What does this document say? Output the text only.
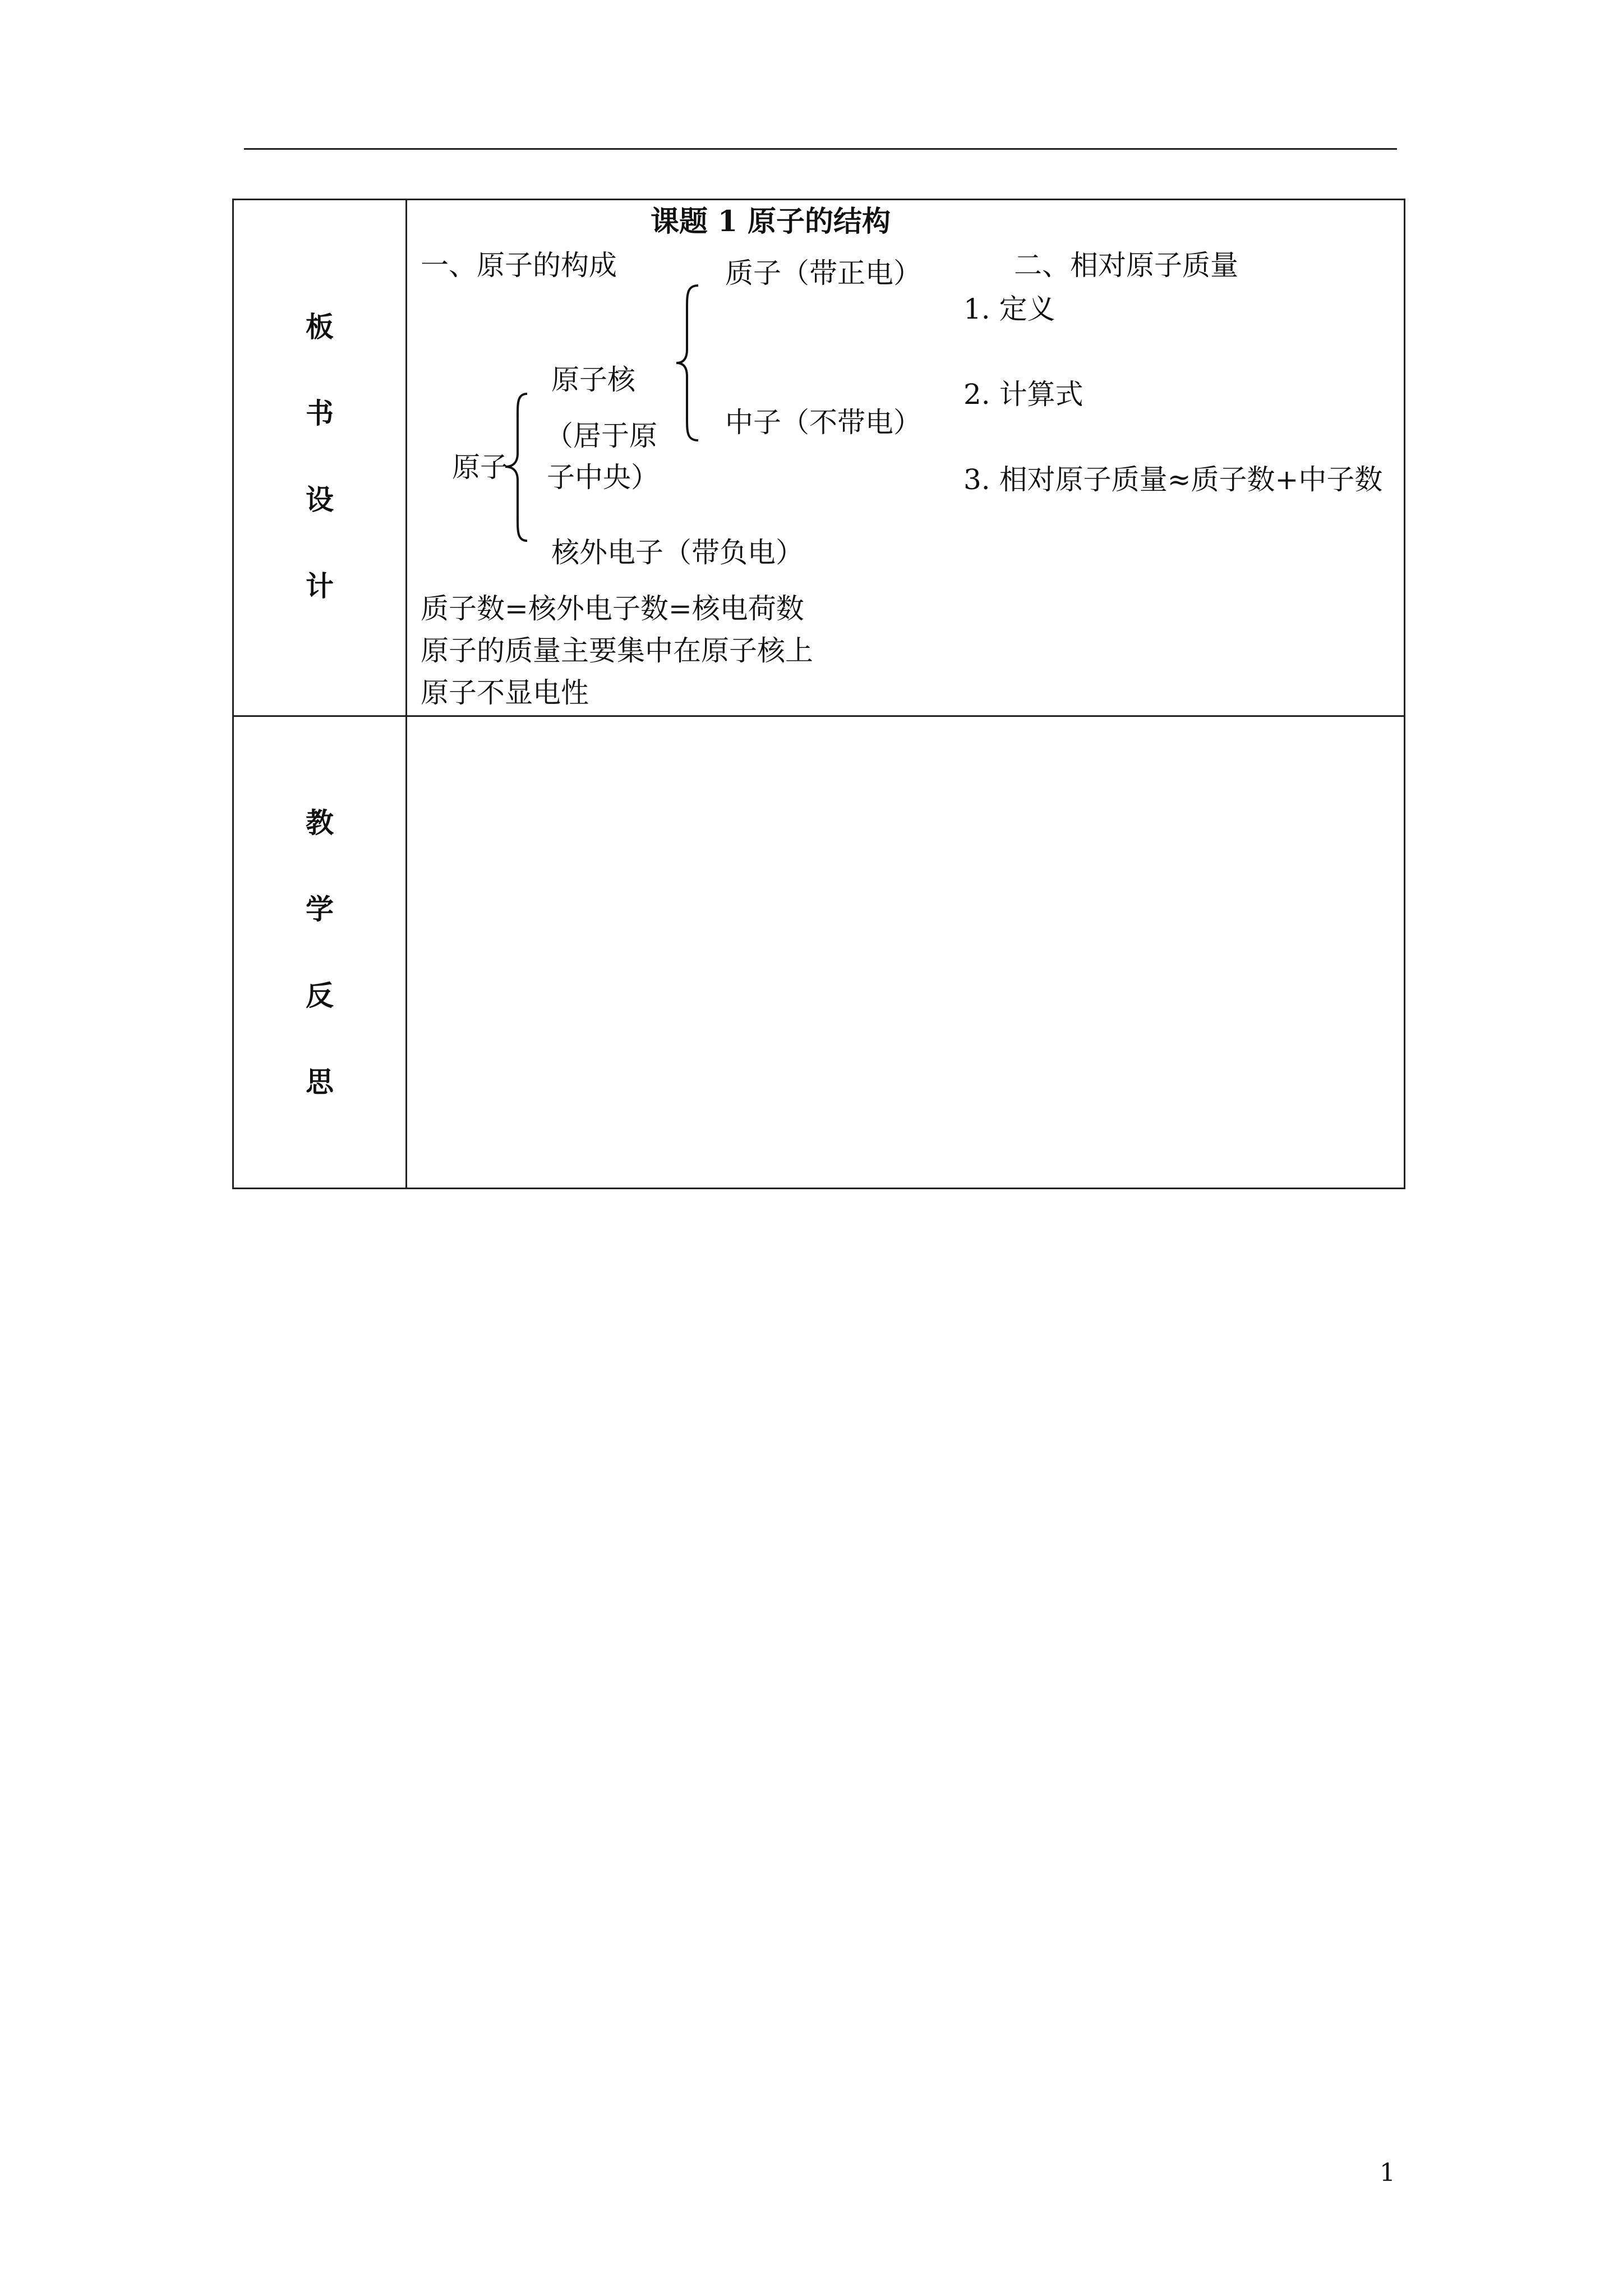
板
书
设
计
课题 1 原子的结构
一、原子的构成	质子（带正电）
中子（不带电）
原子核
（居于原
子中央）
原子
核外电子（带负电）
二、相对原子质量
1. 定义
2. 计算式
3. 相对原子质量≈质子数+中子数
质子数=核外电子数=核电荷数
原子的质量主要集中在原子核上
原子不显电性
教
学
反
思
1
